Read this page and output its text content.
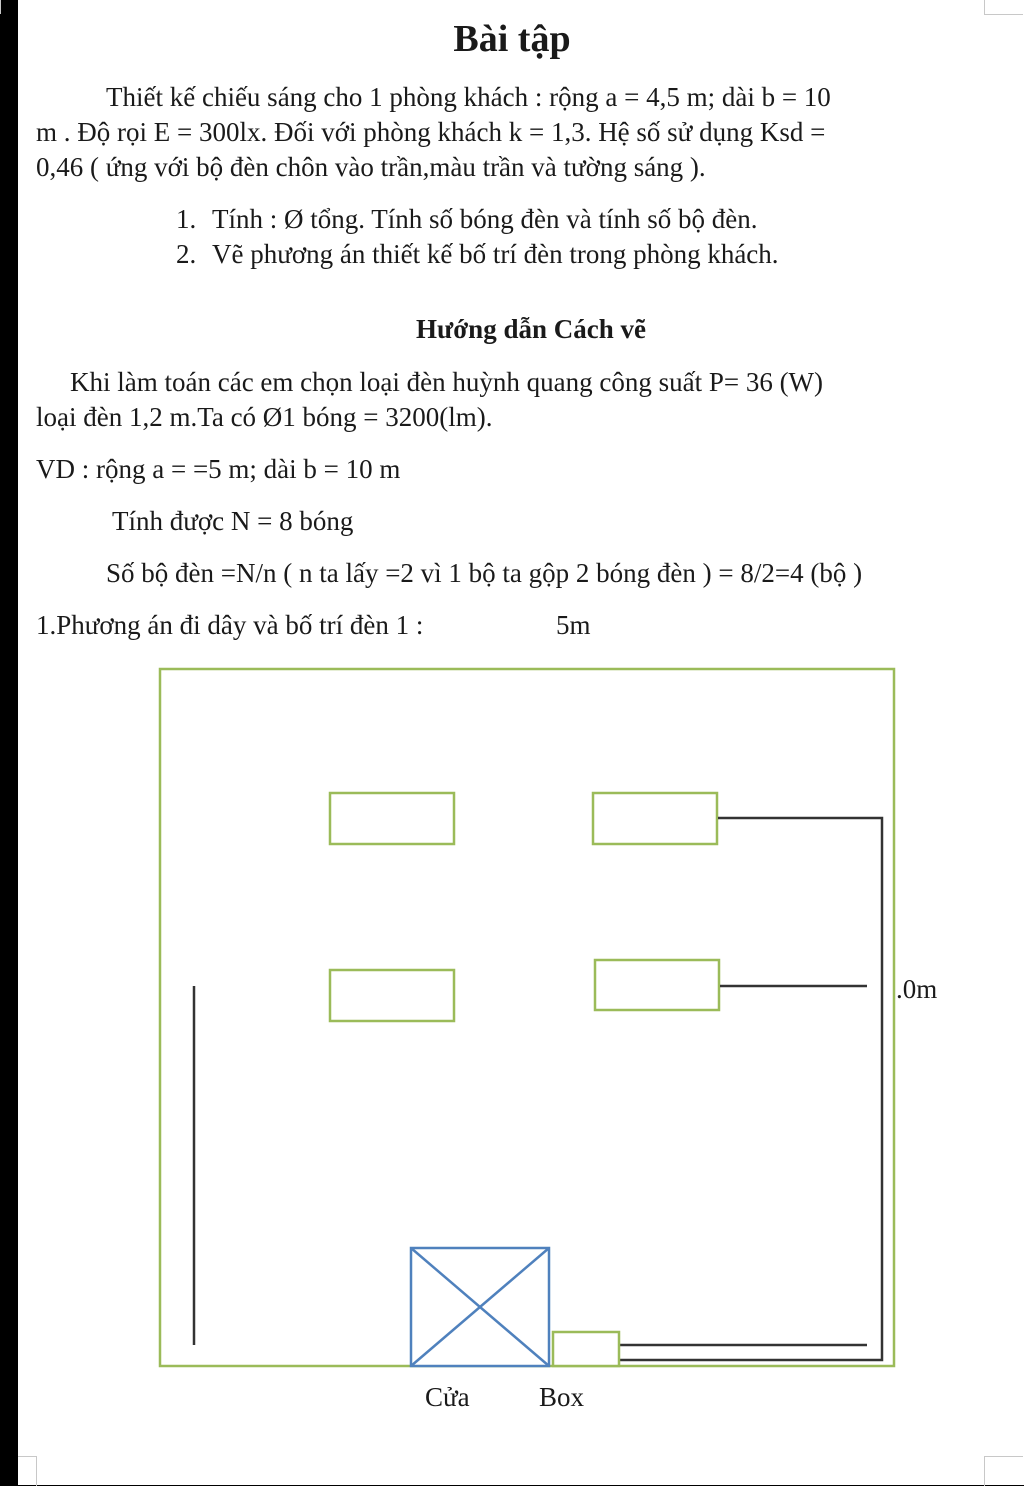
Bài tập
Thiết kế chiếu sáng cho 1 phòng khách : rộng a = 4,5 m; dài b = 10
m . Độ rọi E = 300lx. Đối với phòng khách k = 1,3. Hệ số sử dụng Ksd =
0,46 ( ứng với bộ đèn chôn vào trần,màu trần và tường sáng ).
1. Tính : Ø tổng. Tính số bóng đèn và tính số bộ đèn.
2. Vẽ phương án thiết kế bố trí đèn trong phòng khách.
Hướng dẫn Cách vẽ
Khi làm toán các em chọn loại đèn huỳnh quang công suất P= 36 (W)
loại đèn 1,2 m.Ta có Ø1 bóng = 3200(lm).
VD : rộng a = =5 m; dài b = 10 m
Tính được N = 8 bóng
Số bộ đèn =N/n ( n ta lấy =2 vì 1 bộ ta gộp 2 bóng đèn ) = 8/2=4 (bộ )
1.Phương án đi dây và bố trí đèn 1 :	5m
.0m
Cửa	Box
